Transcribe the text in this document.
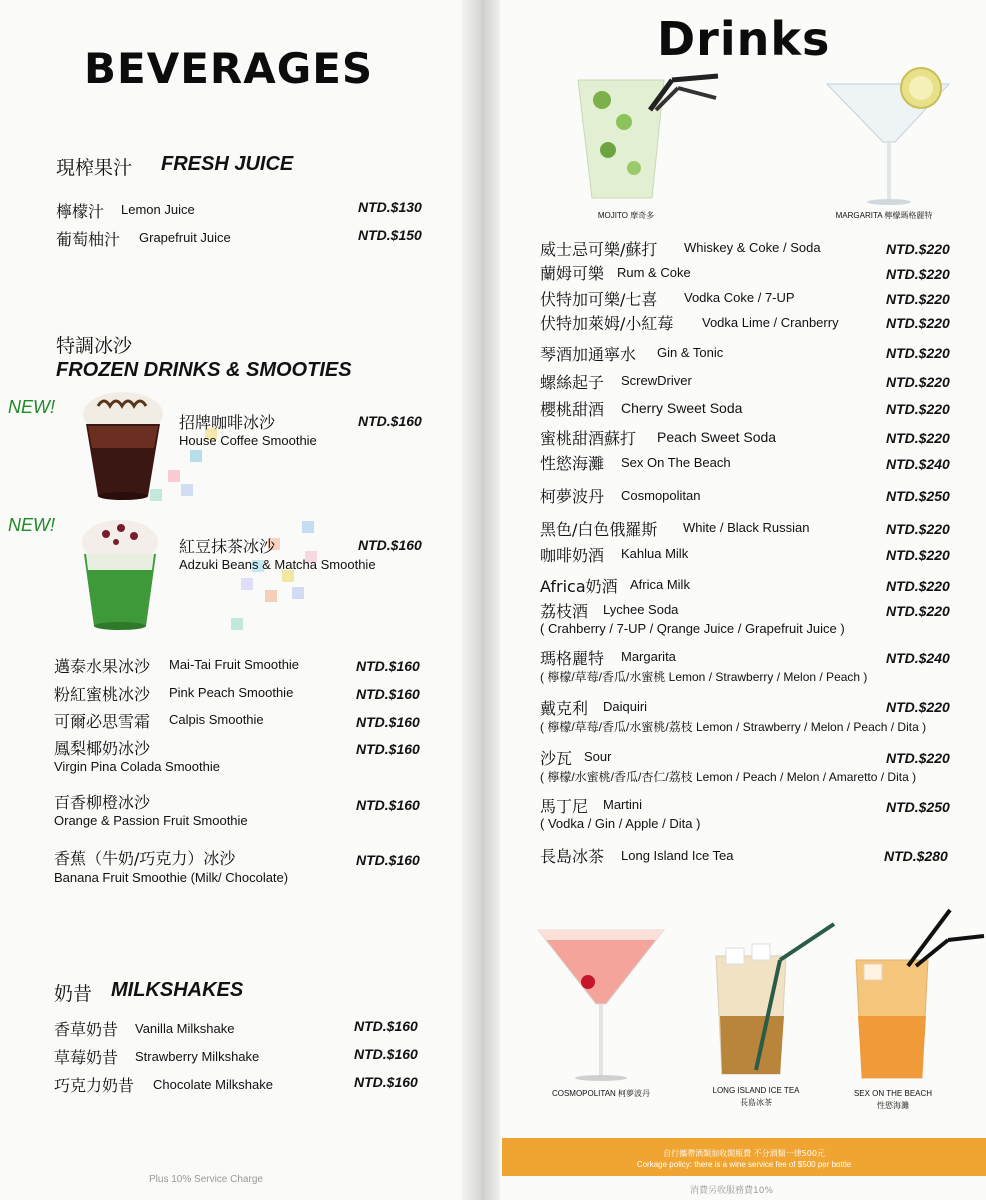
BEVERAGES
現榨果汁 FRESH JUICE
檸檬汁 Lemon Juice	NTD.$130
葡萄柚汁 Grapefruit Juice	NTD.$150
特調冰沙
FROZEN DRINKS & SMOOTIES
NEW!
招牌咖啡冰沙
House Coffee Smoothie
NTD.$160
NEW!
紅豆抹茶冰沙
Adzuki Beans & Matcha Smoothie
NTD.$160
邁泰水果冰沙 Mai-Tai Fruit Smoothie	NTD.$160
粉紅蜜桃冰沙 Pink Peach Smoothie	NTD.$160
可爾必思雪霜 Calpis Smoothie	NTD.$160
鳳梨椰奶冰沙
Virgin Pina Colada Smoothie
NTD.$160
百香柳橙冰沙
Orange & Passion Fruit Smoothie
NTD.$160
香蕉（牛奶/巧克力）冰沙
Banana Fruit Smoothie (Milk/ Chocolate)
NTD.$160
奶昔 MILKSHAKES
香草奶昔 Vanilla Milkshake	NTD.$160
草莓奶昔 Strawberry Milkshake	NTD.$160
巧克力奶昔 Chocolate Milkshake	NTD.$160
Plus 10% Service Charge
Drinks
MOJITO 摩奇多	MARGARITA 檸檬瑪格麗特
威士忌可樂/蘇打 Whiskey & Coke / Soda	NTD.$220
蘭姆可樂 Rum & Coke	NTD.$220
伏特加可樂/七喜 Vodka Coke / 7-UP	NTD.$220
伏特加萊姆/小紅莓 Vodka Lime / Cranberry	NTD.$220
琴酒加通寧水 Gin & Tonic	NTD.$220
螺絲起子 ScrewDriver	NTD.$220
櫻桃甜酒 Cherry Sweet Soda	NTD.$220
蜜桃甜酒蘇打 Peach Sweet Soda	NTD.$220
性慾海灘 Sex On The Beach	NTD.$240
柯夢波丹 Cosmopolitan	NTD.$250
黑色/白色俄羅斯 White / Black Russian	NTD.$220
咖啡奶酒 Kahlua Milk	NTD.$220
Africa奶酒 Africa Milk	NTD.$220
荔枝酒 Lychee Soda	NTD.$220
( Crahberry / 7-UP / Qrange Juice / Grapefruit Juice )
瑪格麗特 Margarita	NTD.$240
( 檸檬/草莓/香瓜/水蜜桃 Lemon / Strawberry / Melon / Peach )
戴克利 Daiquiri	NTD.$220
( 檸檬/草莓/香瓜/水蜜桃/荔枝 Lemon / Strawberry / Melon / Peach / Dita )
沙瓦 Sour	NTD.$220
( 檸檬/水蜜桃/香瓜/杏仁/荔枝 Lemon / Peach / Melon / Amaretto / Dita )
馬丁尼 Martini	NTD.$250
( Vodka / Gin / Apple / Dita )
長島冰茶 Long Island Ice Tea	NTD.$280
COSMOPOLITAN 柯夢波丹	LONG ISLAND ICE TEA
長島冰茶
SEX ON THE BEACH
性慾海灘
自行攜帶酒類加收開瓶費 不分酒類一律500元
Corkage policy: there is a wine service fee of $500 per bottle
消費另收服務費10%
